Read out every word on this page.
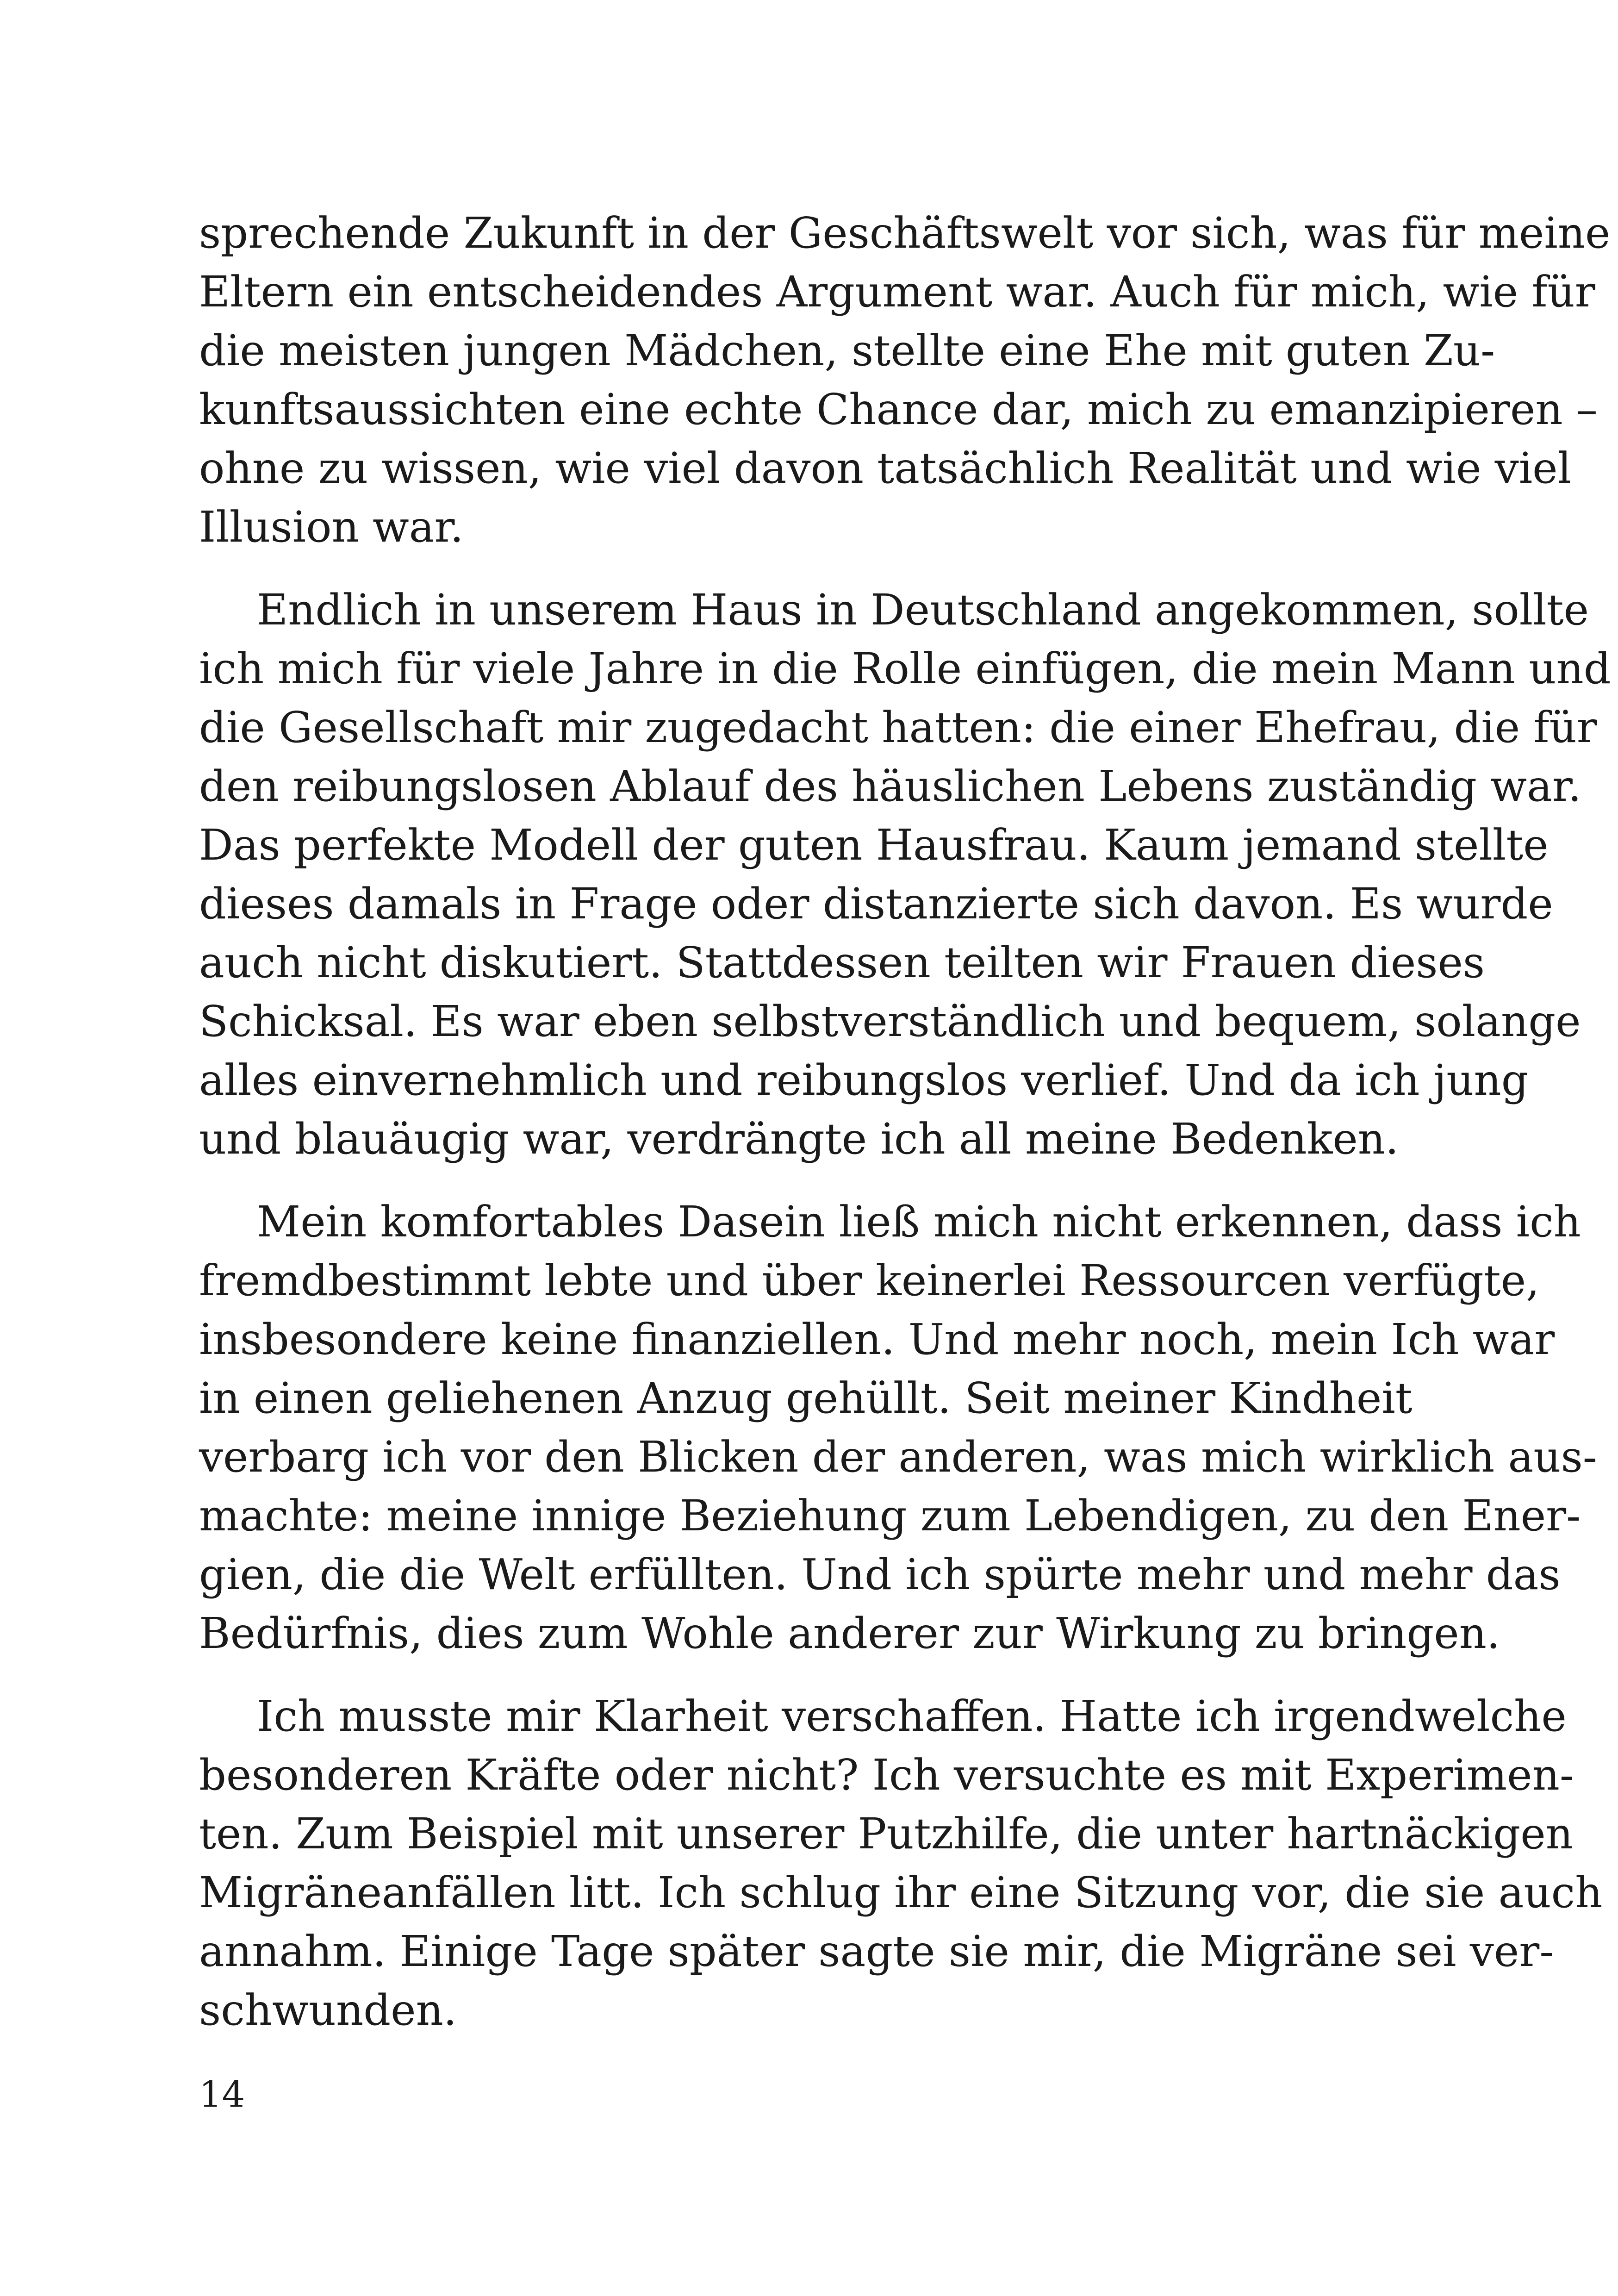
sprechende Zukunft in der Geschäftswelt vor sich, was für meine
Eltern ein entscheidendes Argument war. Auch für mich, wie für
die meisten jungen Mädchen, stellte eine Ehe mit guten Zu-
kunftsaussichten eine echte Chance dar, mich zu emanzipieren –
ohne zu wissen, wie viel davon tatsächlich Realität und wie viel
Illusion war.

Endlich in unserem Haus in Deutschland angekommen, sollte
ich mich für viele Jahre in die Rolle einfügen, die mein Mann und
die Gesellschaft mir zugedacht hatten: die einer Ehefrau, die für
den reibungslosen Ablauf des häuslichen Lebens zuständig war.
Das perfekte Modell der guten Hausfrau. Kaum jemand stellte
dieses damals in Frage oder distanzierte sich davon. Es wurde
auch nicht diskutiert. Stattdessen teilten wir Frauen dieses
Schicksal. Es war eben selbstverständlich und bequem, solange
alles einvernehmlich und reibungslos verlief. Und da ich jung
und blauäugig war, verdrängte ich all meine Bedenken.

Mein komfortables Dasein ließ mich nicht erkennen, dass ich
fremdbestimmt lebte und über keinerlei Ressourcen verfügte,
insbesondere keine finanziellen. Und mehr noch, mein Ich war
in einen geliehenen Anzug gehüllt. Seit meiner Kindheit
verbarg ich vor den Blicken der anderen, was mich wirklich aus-
machte: meine innige Beziehung zum Lebendigen, zu den Ener-
gien, die die Welt erfüllten. Und ich spürte mehr und mehr das
Bedürfnis, dies zum Wohle anderer zur Wirkung zu bringen.

Ich musste mir Klarheit verschaffen. Hatte ich irgendwelche
besonderen Kräfte oder nicht? Ich versuchte es mit Experimen-
ten. Zum Beispiel mit unserer Putzhilfe, die unter hartnäckigen
Migräneanfällen litt. Ich schlug ihr eine Sitzung vor, die sie auch
annahm. Einige Tage später sagte sie mir, die Migräne sei ver-
schwunden.

14
